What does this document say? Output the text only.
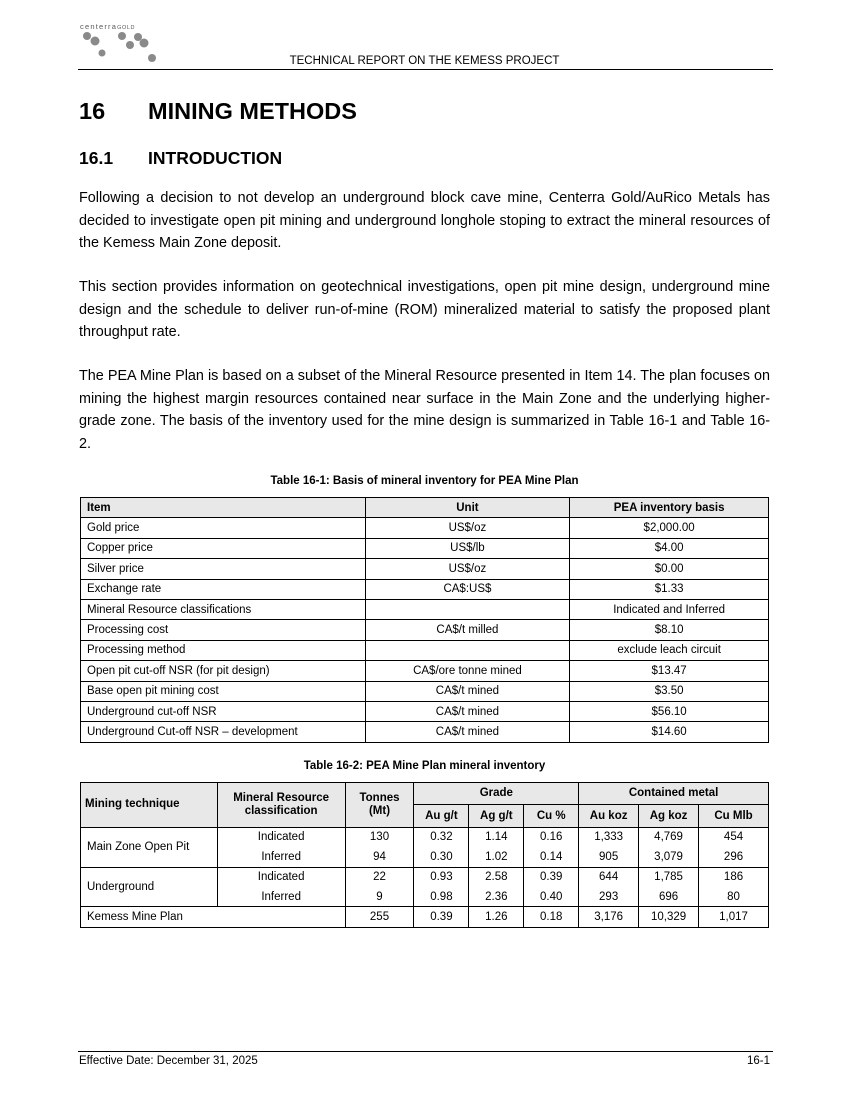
centerraGOLD
TECHNICAL REPORT ON THE KEMESS PROJECT
16 MINING METHODS
16.1 INTRODUCTION

Following a decision to not develop an underground block cave mine, Centerra Gold/AuRico Metals has decided to investigate open pit mining and underground longhole stoping to extract the mineral resources of the Kemess Main Zone deposit.

This section provides information on geotechnical investigations, open pit mine design, underground mine design and the schedule to deliver run-of-mine (ROM) mineralized material to satisfy the proposed plant throughput rate.

The PEA Mine Plan is based on a subset of the Mineral Resource presented in Item 14. The plan focuses on mining the highest margin resources contained near surface in the Main Zone and the underlying higher-grade zone. The basis of the inventory used for the mine design is summarized in Table 16-1 and Table 16-2.

Table 16-1: Basis of mineral inventory for PEA Mine Plan
Item	Unit	PEA inventory basis
Gold price	US$/oz	$2,000.00
Copper price	US$/lb	$4.00
Silver price	US$/oz	$0.00
Exchange rate	CA$:US$	$1.33
Mineral Resource classifications		Indicated and Inferred
Processing cost	CA$/t milled	$8.10
Processing method		exclude leach circuit
Open pit cut-off NSR (for pit design)	CA$/ore tonne mined	$13.47
Base open pit mining cost	CA$/t mined	$3.50
Underground cut-off NSR	CA$/t mined	$56.10
Underground Cut-off NSR – development	CA$/t mined	$14.60
Table 16-2: PEA Mine Plan mineral inventory
Mining technique	Mineral Resource classification	Tonnes (Mt)	Grade			Contained metal		
			Au g/t	Ag g/t	Cu %	Au koz	Ag koz	Cu Mlb
Main Zone Open Pit	Indicated	130	0.32	1.14	0.16	1,333	4,769	454
	Inferred	94	0.30	1.02	0.14	905	3,079	296
Underground	Indicated	22	0.93	2.58	0.39	644	1,785	186
	Inferred	9	0.98	2.36	0.40	293	696	80
Kemess Mine Plan		255	0.39	1.26	0.18	3,176	10,329	1,017
Effective Date: December 31, 2025	16-1
